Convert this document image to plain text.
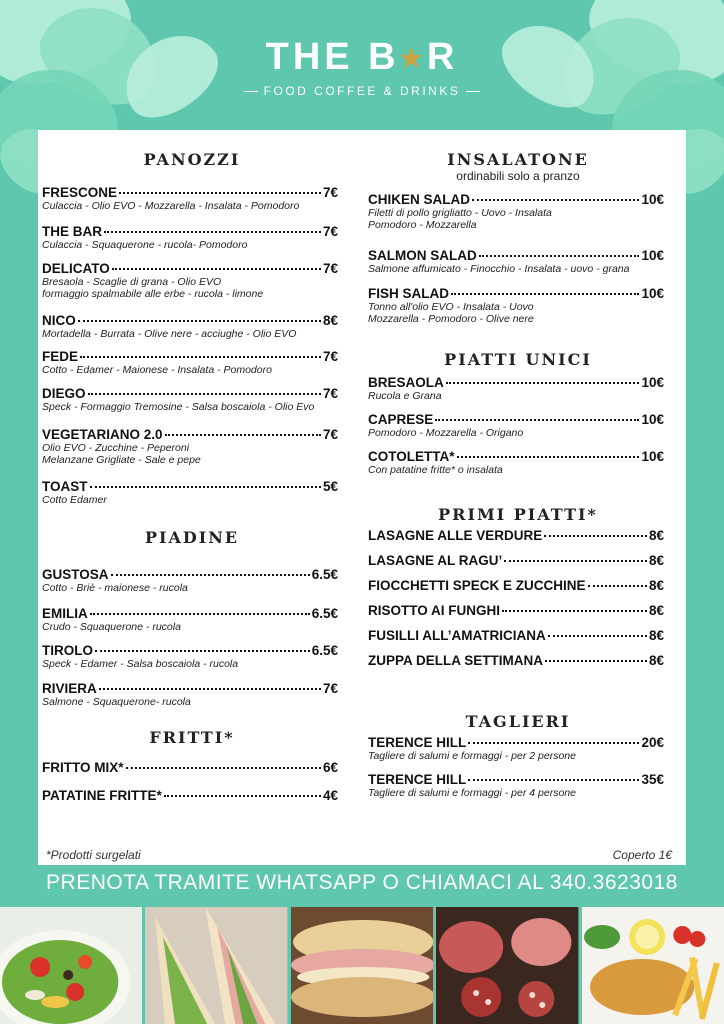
THE B★R
FOOD COFFEE & DRINKS
PANOZZI
PIADINE
FRITTI*
INSALATONE
ordinabili solo a pranzo
PIATTI UNICI
PRIMI PIATTI*
TAGLIERI
*Prodotti surgelati	Coperto 1€
FRESCONE	7€
Culaccia - Olio EVO - Mozzarella - Insalata - Pomodoro
THE BAR	7€
Culaccia - Squaquerone - rucola- Pomodoro
DELICATO	7€
Bresaola - Scaglie di grana - Olio EVO
formaggio spalmabile alle erbe - rucola - limone
NICO	8€
Mortadella - Burrata - Olive nere - acciughe - Olio EVO
FEDE	7€
Cotto - Edamer - Maionese - Insalata - Pomodoro
DIEGO	7€
Speck - Formaggio Tremosine - Salsa boscaiola - Olio Evo
VEGETARIANO 2.0	7€
Olio EVO - Zucchine - Peperoni
Melanzane Grigliate - Sale e pepe
TOAST	5€
Cotto Edamer
GUSTOSA	6.5€
Cotto - Briè - maionese - rucola
EMILIA	6.5€
Crudo - Squaquerone - rucola
TIROLO	6.5€
Speck - Edamer - Salsa boscaiola - rucola
RIVIERA	7€
Salmone - Squaquerone- rucola
FRITTO MIX*	6€
PATATINE FRITTE*	4€
CHIKEN SALAD	10€
Filetti di pollo grigliatto - Uovo - Insalata
Pomodoro - Mozzarella
SALMON SALAD	10€
Salmone affumicato - Finocchio - Insalata - uovo - grana
FISH SALAD	10€
Tonno all'olio EVO - Insalata - Uovo
Mozzarella - Pomodoro - Olive nere
BRESAOLA	10€
Rucola e Grana
CAPRESE	10€
Pomodoro - Mozzarella - Origano
COTOLETTA*	10€
Con patatine fritte* o insalata
LASAGNE ALLE VERDURE	8€
LASAGNE AL RAGU’	8€
FIOCCHETTI SPECK E ZUCCHINE	8€
RISOTTO AI FUNGHI	8€
FUSILLI ALL’AMATRICIANA	8€
ZUPPA DELLA SETTIMANA	8€
TERENCE HILL	20€
Tagliere di salumi e formaggi - per 2 persone
TERENCE HILL	35€
Tagliere di salumi e formaggi - per 4 persone
PRENOTA TRAMITE WHATSAPP O CHIAMACI AL 340.3623018
